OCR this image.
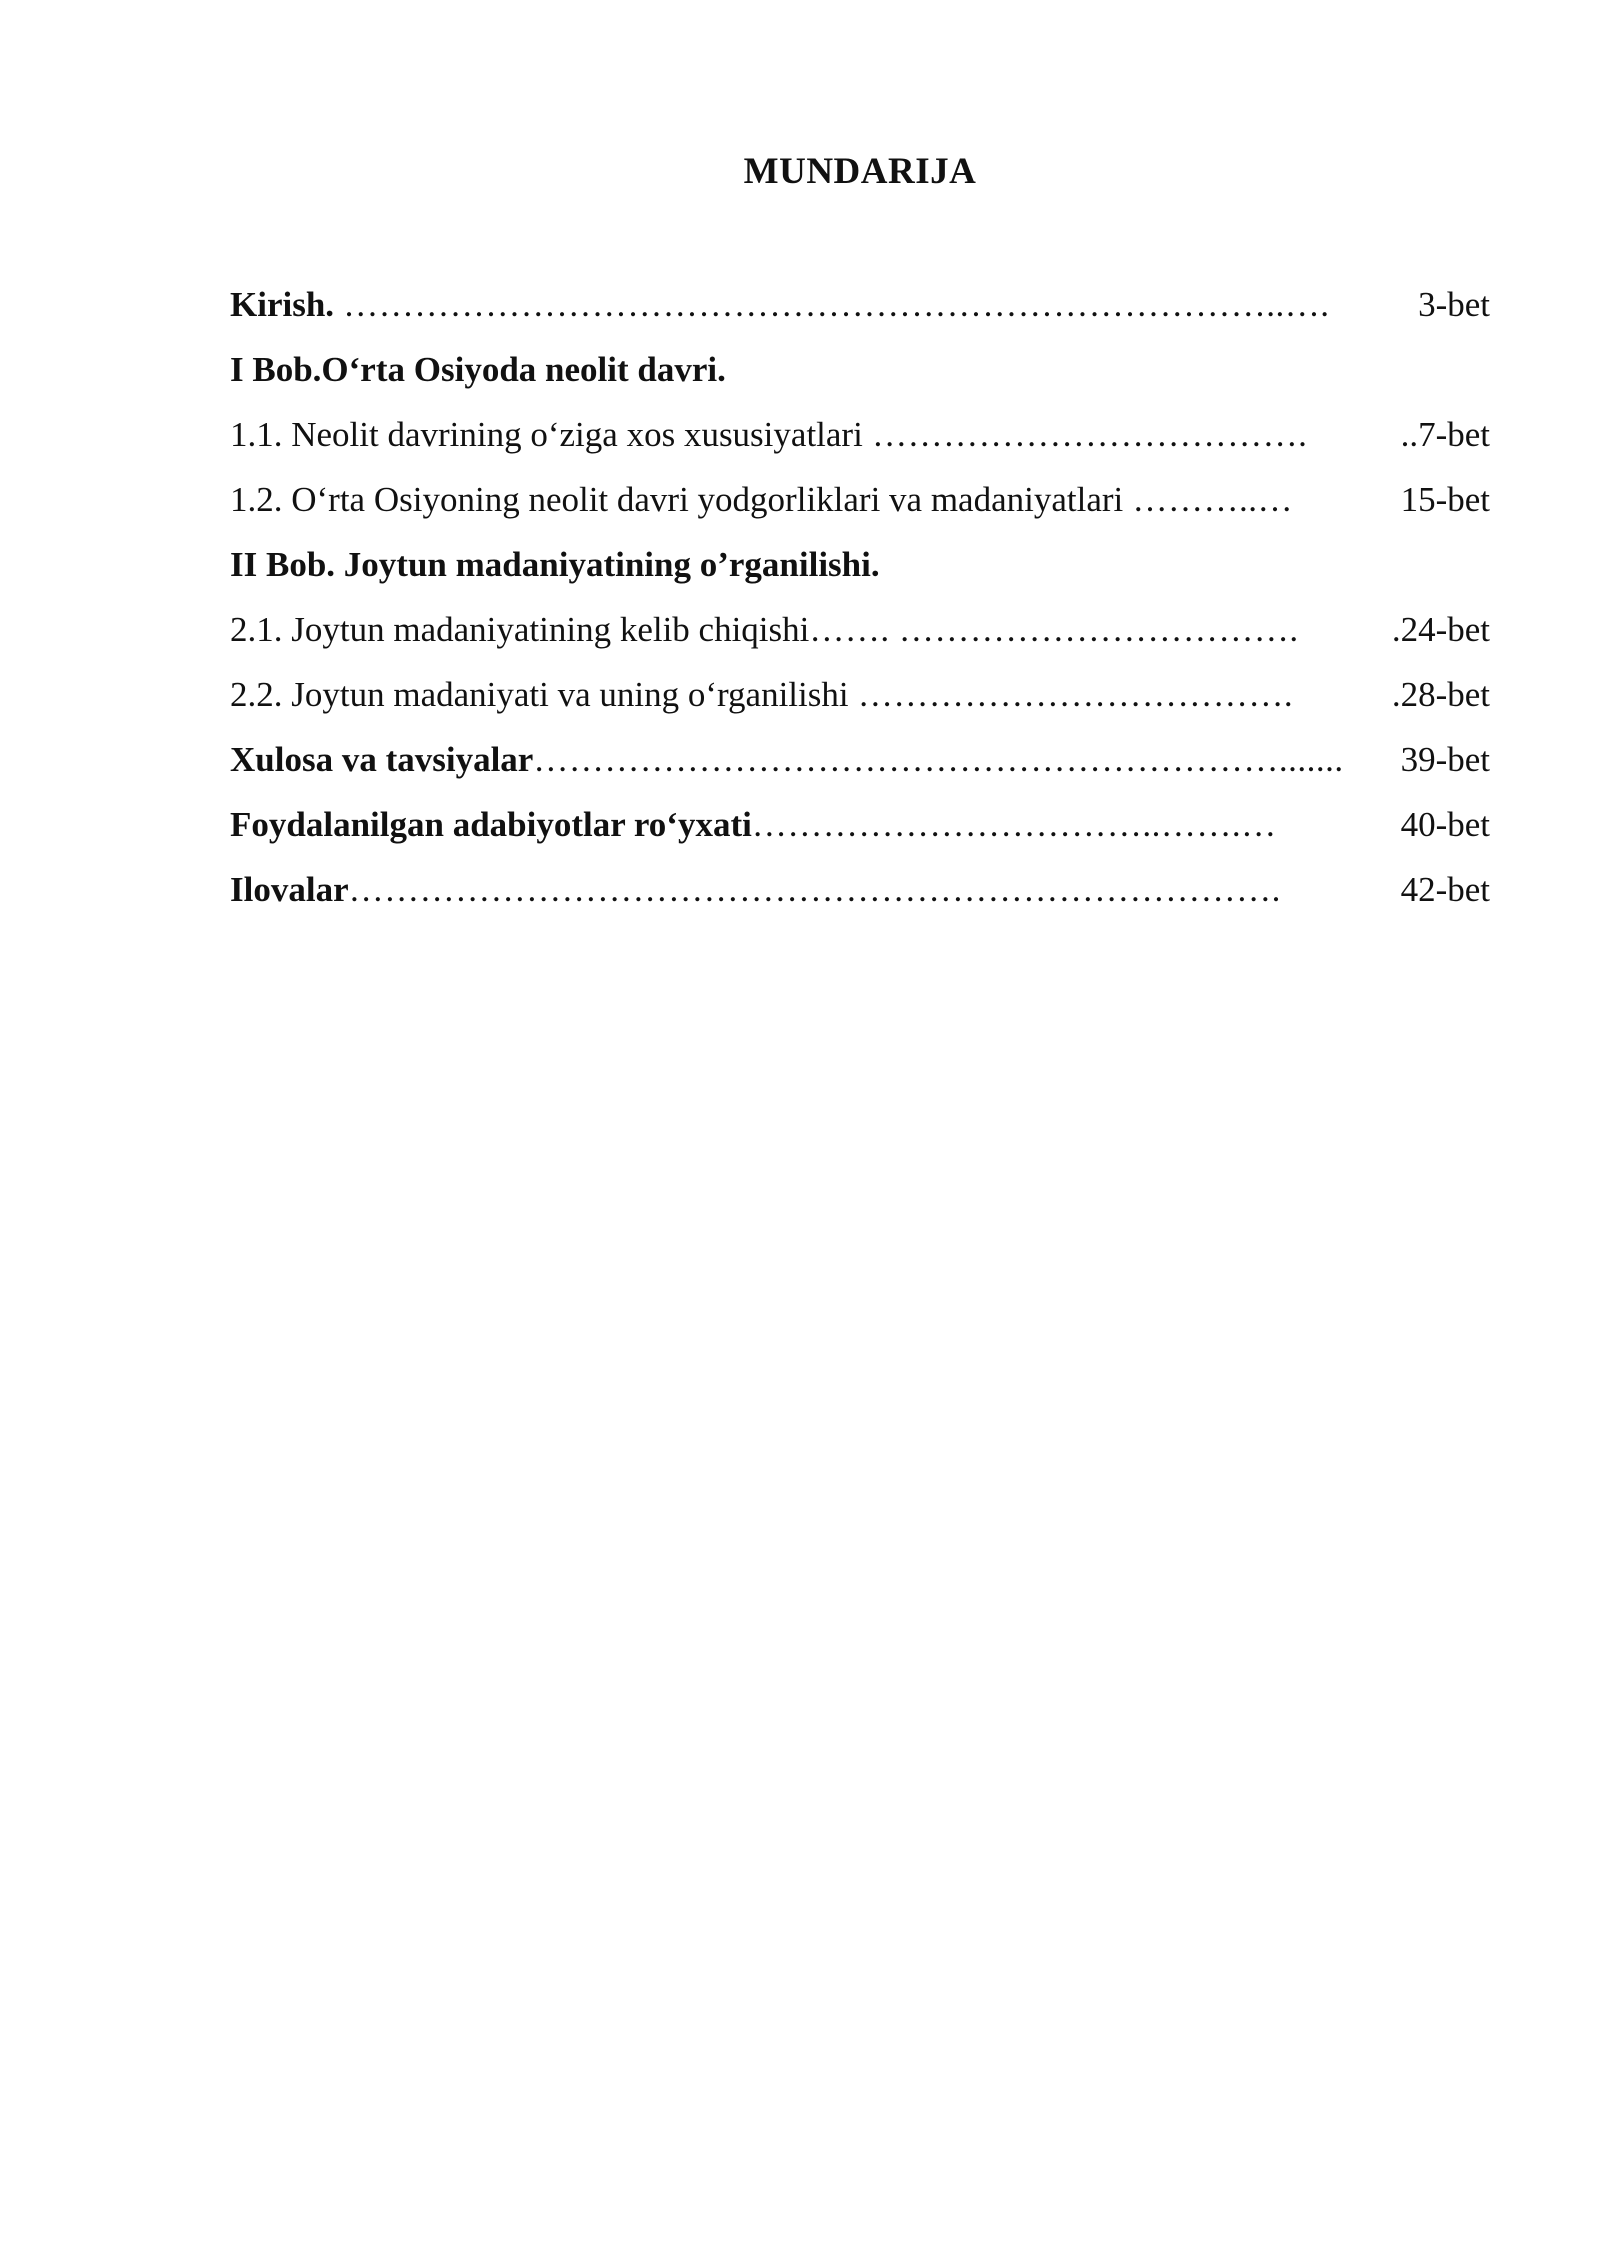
MUNDARIJA
Kirish. ……………………………………………………………………..….	3-bet
I Bob.O‘rta Osiyoda neolit davri.
1.1. Neolit davrining o‘ziga xos xususiyatlari ……………………………….	..7-bet
1.2. O‘rta Osiyoning neolit davri yodgorliklari va madaniyatlari ………..…	15-bet
II Bob. Joytun madaniyatining o’rganilishi.
2.1. Joytun madaniyatining kelib chiqishi……. …………………………….	.24-bet
2.2. Joytun madaniyati va uning o‘rganilishi ……………………………….	.28-bet
Xulosa va tavsiyalar………………………………………………………....... 39-bet
Foydalanilgan adabiyotlar ro‘yxati……………………………..…….…	40-bet
Ilovalar…………………………………………………………………….	42-bet
